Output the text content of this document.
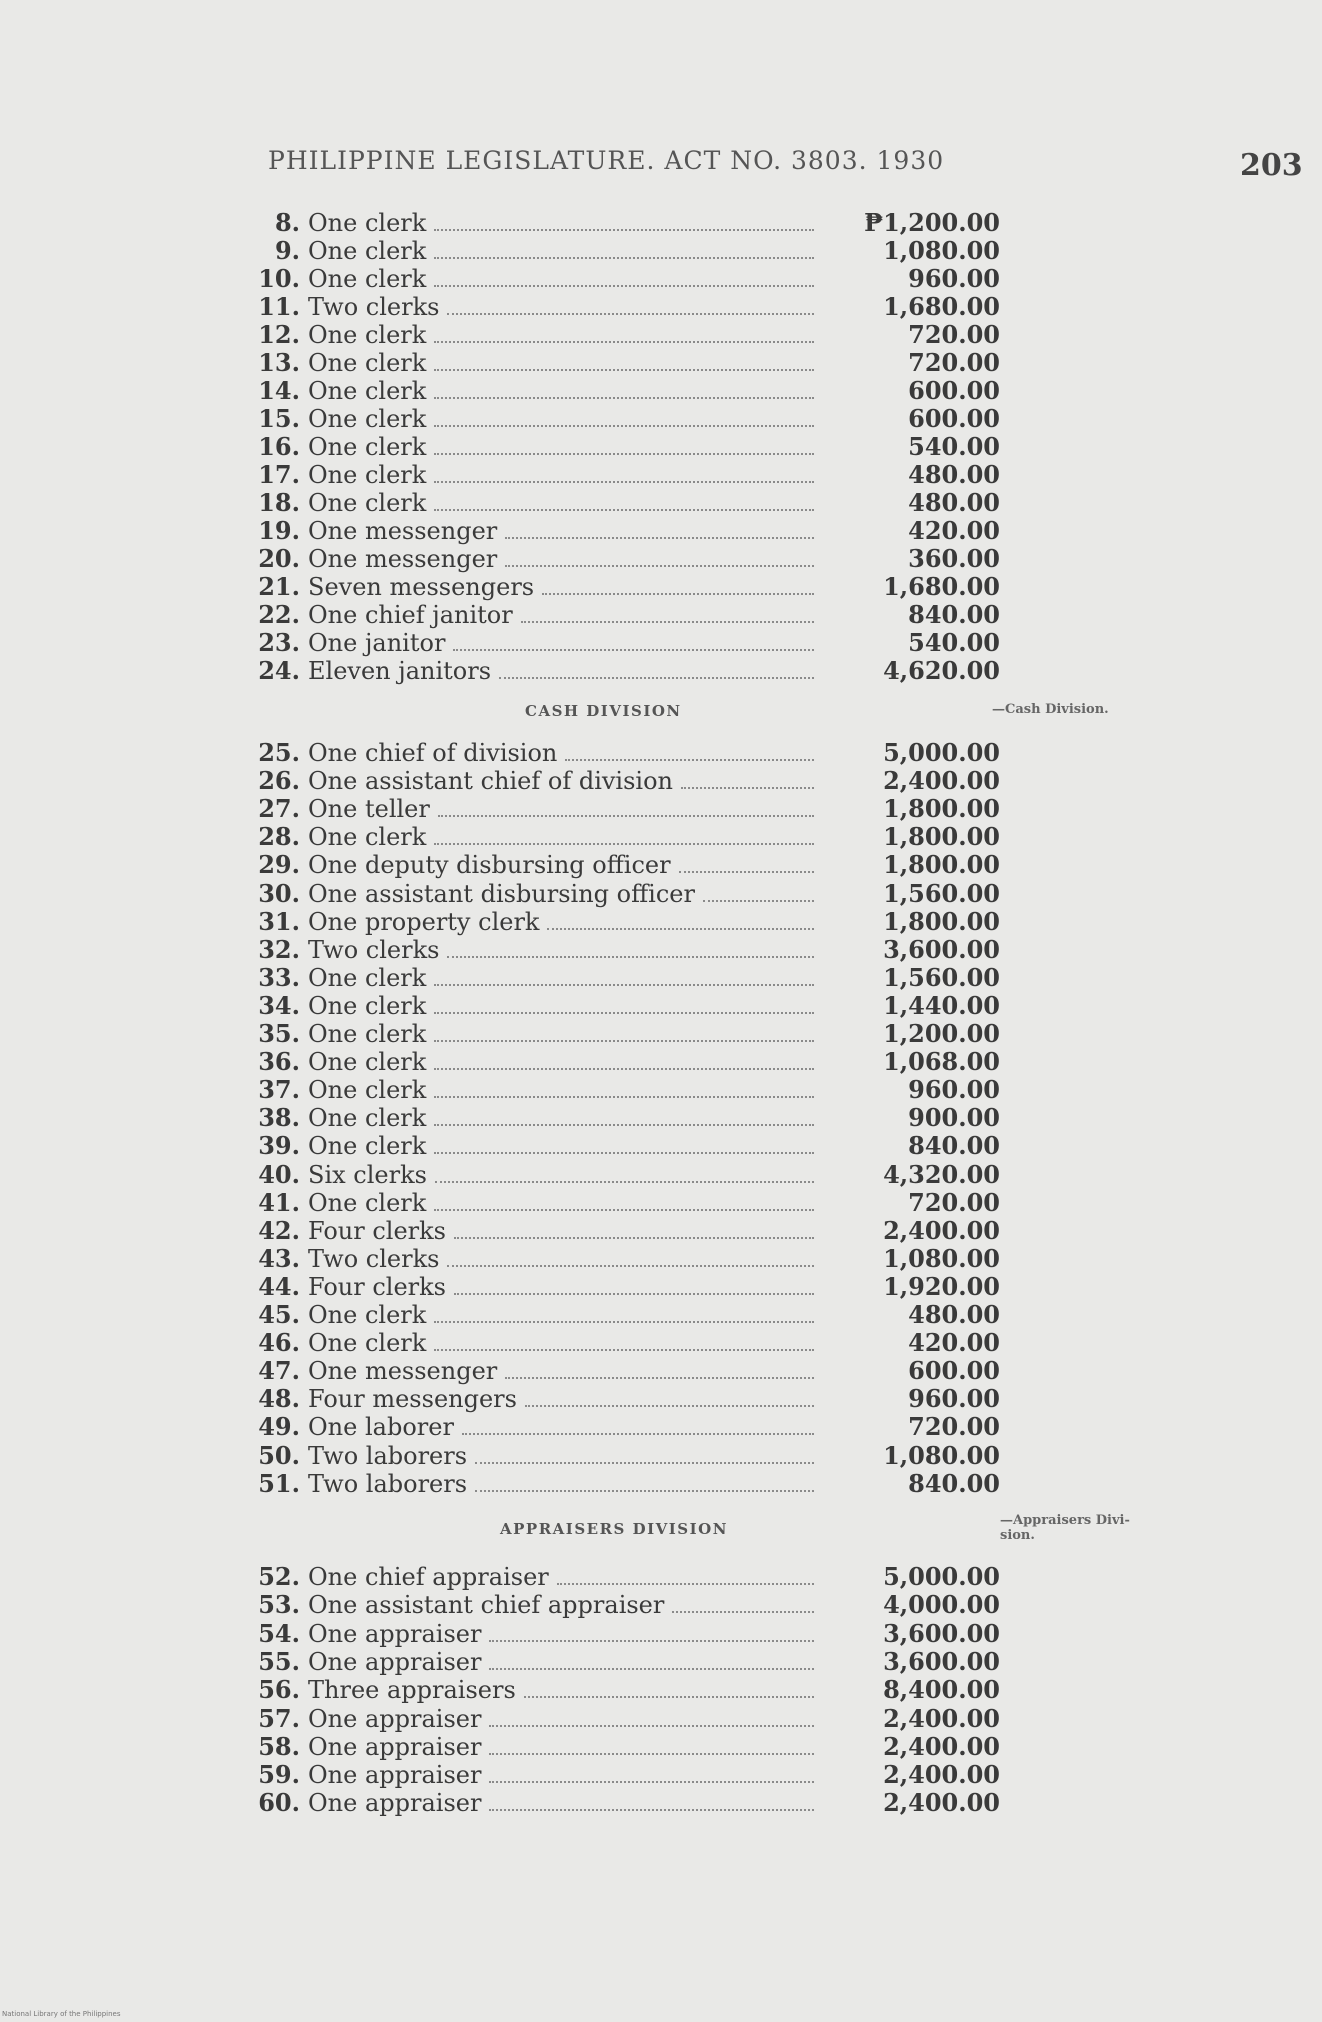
PHILIPPINE LEGISLATURE. ACT NO. 3803. 1930	203
8. One clerk	₱1,200.00
9. One clerk	1,080.00
10. One clerk	960.00
11. Two clerks	1,680.00
12. One clerk	720.00
13. One clerk	720.00
14. One clerk	600.00
15. One clerk	600.00
16. One clerk	540.00
17. One clerk	480.00
18. One clerk	480.00
19. One messenger	420.00
20. One messenger	360.00
21. Seven messengers	1,680.00
22. One chief janitor	840.00
23. One janitor	540.00
24. Eleven janitors	4,620.00
CASH DIVISION	—Cash Division.
25. One chief of division	5,000.00
26. One assistant chief of division	2,400.00
27. One teller	1,800.00
28. One clerk	1,800.00
29. One deputy disbursing officer	1,800.00
30. One assistant disbursing officer	1,560.00
31. One property clerk	1,800.00
32. Two clerks	3,600.00
33. One clerk	1,560.00
34. One clerk	1,440.00
35. One clerk	1,200.00
36. One clerk	1,068.00
37. One clerk	960.00
38. One clerk	900.00
39. One clerk	840.00
40. Six clerks	4,320.00
41. One clerk	720.00
42. Four clerks	2,400.00
43. Two clerks	1,080.00
44. Four clerks	1,920.00
45. One clerk	480.00
46. One clerk	420.00
47. One messenger	600.00
48. Four messengers	960.00
49. One laborer	720.00
50. Two laborers	1,080.00
51. Two laborers	840.00
APPRAISERS DIVISION	—Appraisers Divi-
sion.
52. One chief appraiser	5,000.00
53. One assistant chief appraiser	4,000.00
54. One appraiser	3,600.00
55. One appraiser	3,600.00
56. Three appraisers	8,400.00
57. One appraiser	2,400.00
58. One appraiser	2,400.00
59. One appraiser	2,400.00
60. One appraiser	2,400.00
National Library of the Philippines
